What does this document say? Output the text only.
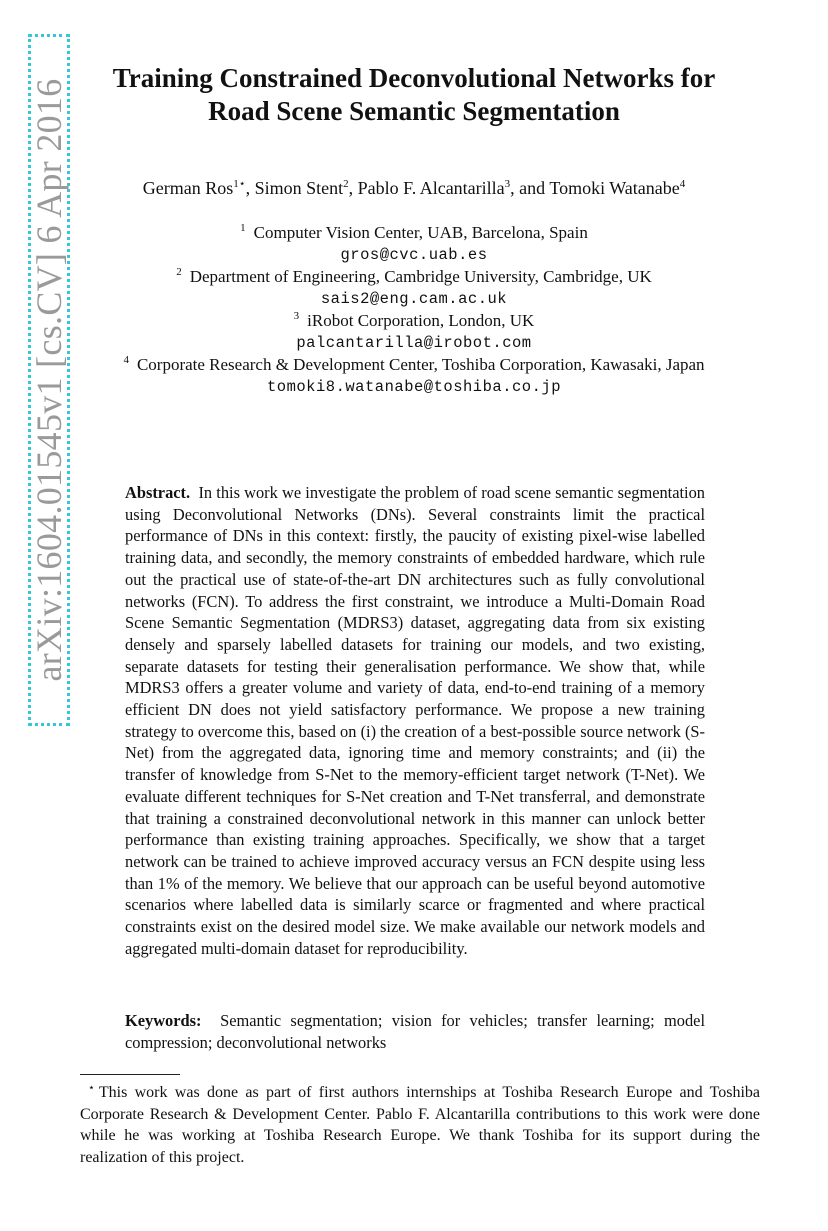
arXiv:1604.01545v1 [cs.CV] 6 Apr 2016
Training Constrained Deconvolutional Networks for
Road Scene Semantic Segmentation
German Ros$^{1⋆}$, Simon Stent$^2$, Pablo F. Alcantarilla$^3$, and Tomoki Watanabe$^4$
$^1$ Computer Vision Center, UAB, Barcelona, Spain
gros@cvc.uab.es
$^2$ Department of Engineering, Cambridge University, Cambridge, UK
sais2@eng.cam.ac.uk
$^3$ iRobot Corporation, London, UK
palcantarilla@irobot.com
$^4$ Corporate Research & Development Center, Toshiba Corporation, Kawasaki, Japan
tomoki8.watanabe@toshiba.co.jp

Abstract. In this work we investigate the problem of road scene semantic segmentation using Deconvolutional Networks (DNs). Several constraints limit the practical performance of DNs in this context: firstly, the paucity of existing pixel-wise labelled training data, and secondly, the memory constraints of embedded hardware, which rule out the practical use of state-of-the-art DN architectures such as fully convolutional networks (FCN). To address the first constraint, we introduce a Multi-Domain Road Scene Semantic Segmentation (MDRS3) dataset, aggregating data from six existing densely and sparsely labelled datasets for training our models, and two existing, separate datasets for testing their generalisation performance. We show that, while MDRS3 offers a greater volume and variety of data, end-to-end training of a memory efficient DN does not yield satisfactory performance. We propose a new training strategy to overcome this, based on (i) the creation of a best-possible source network (S-Net) from the aggregated data, ignoring time and memory constraints; and (ii) the transfer of knowledge from S-Net to the memory-efficient target network (T-Net). We evaluate different techniques for S-Net creation and T-Net transferral, and demonstrate that training a constrained deconvolutional network in this manner can unlock better performance than existing training approaches. Specifically, we show that a target network can be trained to achieve improved accuracy versus an FCN despite using less than 1% of the memory. We believe that our approach can be useful beyond automotive scenarios where labelled data is similarly scarce or fragmented and where practical constraints exist on the desired model size. We make available our network models and aggregated multi-domain dataset for reproducibility.

Keywords: Semantic segmentation; vision for vehicles; transfer learning; model compression; deconvolutional networks

⋆ This work was done as part of first authors internships at Toshiba Research Europe and Toshiba Corporate Research & Development Center. Pablo F. Alcantarilla contributions to this work were done while he was working at Toshiba Research Europe. We thank Toshiba for its support during the realization of this project.
